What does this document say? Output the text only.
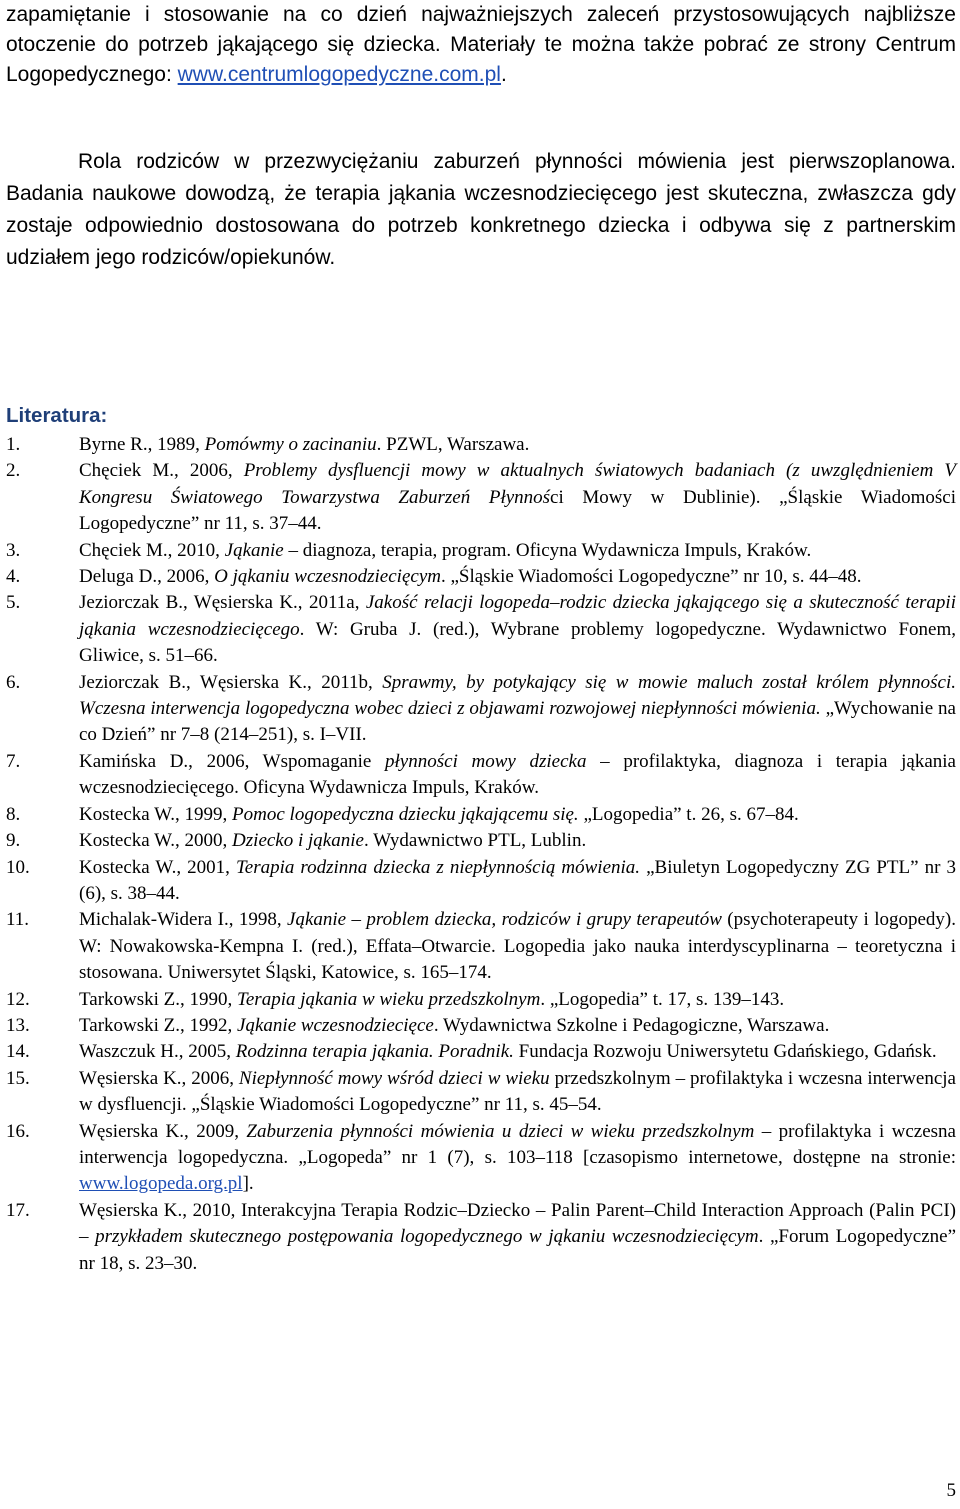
zapamiętanie i stosowanie na co dzień najważniejszych zaleceń przystosowujących najbliższe otoczenie do potrzeb jąkającego się dziecka. Materiały te można także pobrać ze strony Centrum Logopedycznego: www.centrumlogopedyczne.com.pl.

Rola rodziców w przezwyciężaniu zaburzeń płynności mówienia jest pierwszoplanowa. Badania naukowe dowodzą, że terapia jąkania wczesnodziecięcego jest skuteczna, zwłaszcza gdy zostaje odpowiednio dostosowana do potrzeb konkretnego dziecka i odbywa się z partnerskim udziałem jego rodziców/opiekunów.

Literatura:
1.	Byrne R., 1989, Pomówmy o zacinaniu. PZWL, Warszawa.
2.	Chęciek M., 2006, Problemy dysfluencji mowy w aktualnych światowych badaniach (z uwzględnieniem V Kongresu Światowego Towarzystwa Zaburzeń Płynności Mowy w Dublinie). „Śląskie Wiadomości Logopedyczne” nr 11, s. 37–44.
3.	Chęciek M., 2010, Jąkanie – diagnoza, terapia, program. Oficyna Wydawnicza Impuls, Kraków.
4.	Deluga D., 2006, O jąkaniu wczesnodziecięcym. „Śląskie Wiadomości Logopedyczne” nr 10, s. 44–48.
5.	Jeziorczak B., Węsierska K., 2011a, Jakość relacji logopeda–rodzic dziecka jąkającego się a skuteczność terapii jąkania wczesnodziecięcego. W: Gruba J. (red.), Wybrane problemy logopedyczne. Wydawnictwo Fonem, Gliwice, s. 51–66.
6.	Jeziorczak B., Węsierska K., 2011b, Sprawmy, by potykający się w mowie maluch został królem płynności. Wczesna interwencja logopedyczna wobec dzieci z objawami rozwojowej niepłynności mówienia. „Wychowanie na co Dzień” nr 7–8 (214–251), s. I–VII.
7.	Kamińska D., 2006, Wspomaganie płynności mowy dziecka – profilaktyka, diagnoza i terapia jąkania wczesnodziecięcego. Oficyna Wydawnicza Impuls, Kraków.
8.	Kostecka W., 1999, Pomoc logopedyczna dziecku jąkającemu się. „Logopedia” t. 26, s. 67–84.
9.	Kostecka W., 2000, Dziecko i jąkanie. Wydawnictwo PTL, Lublin.
10.	Kostecka W., 2001, Terapia rodzinna dziecka z niepłynnością mówienia. „Biuletyn Logopedyczny ZG PTL” nr 3 (6), s. 38–44.
11.	Michalak-Widera I., 1998, Jąkanie – problem dziecka, rodziców i grupy terapeutów (psychoterapeuty i logopedy). W: Nowakowska-Kempna I. (red.), Effata–Otwarcie. Logopedia jako nauka interdyscyplinarna – teoretyczna i stosowana. Uniwersytet Śląski, Katowice, s. 165–174.
12.	Tarkowski Z., 1990, Terapia jąkania w wieku przedszkolnym. „Logopedia” t. 17, s. 139–143.
13.	Tarkowski Z., 1992, Jąkanie wczesnodziecięce. Wydawnictwa Szkolne i Pedagogiczne, Warszawa.
14.	Waszczuk H., 2005, Rodzinna terapia jąkania. Poradnik. Fundacja Rozwoju Uniwersytetu Gdańskiego, Gdańsk.
15.	Węsierska K., 2006, Niepłynność mowy wśród dzieci w wieku przedszkolnym – profilaktyka i wczesna interwencja w dysfluencji. „Śląskie Wiadomości Logopedyczne” nr 11, s. 45–54.
16.	Węsierska K., 2009, Zaburzenia płynności mówienia u dzieci w wieku przedszkolnym – profilaktyka i wczesna interwencja logopedyczna. „Logopeda” nr 1 (7), s. 103–118 [czasopismo internetowe, dostępne na stronie: www.logopeda.org.pl].
17.	Węsierska K., 2010, Interakcyjna Terapia Rodzic–Dziecko – Palin Parent–Child Interaction Approach (Palin PCI) – przykładem skutecznego postępowania logopedycznego w jąkaniu wczesnodziecięcym. „Forum Logopedyczne” nr 18, s. 23–30.
5
